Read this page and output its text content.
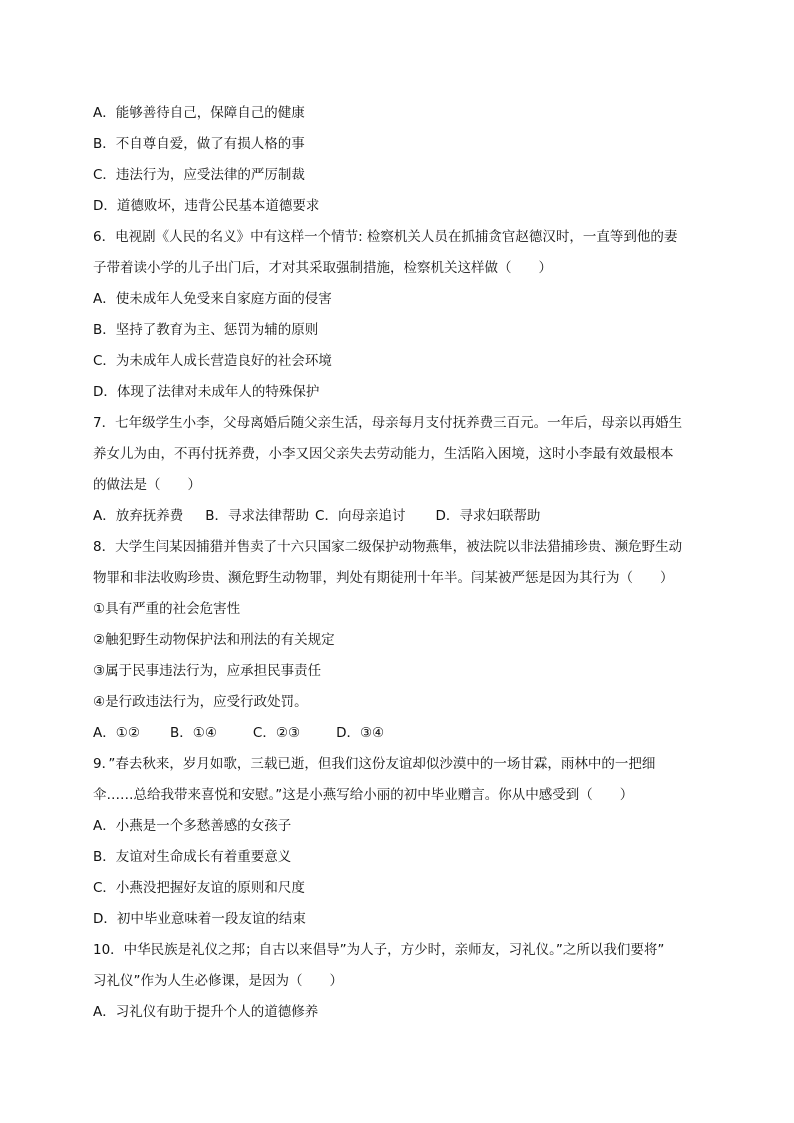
A．能够善待自己，保障自己的健康
B．不自尊自爱，做了有损人格的事
C．违法行为，应受法律的严厉制裁
D．道德败坏，违背公民基本道德要求
6．电视剧《人民的名义》中有这样一个情节: 检察机关人员在抓捕贪官赵德汉时，一直等到他的妻
子带着读小学的儿子出门后，才对其采取强制措施，检察机关这样做（　　）
A．使未成年人免受来自家庭方面的侵害
B．坚持了教育为主、惩罚为辅的原则
C．为未成年人成长营造良好的社会环境
D．体现了法律对未成年人的特殊保护
7．七年级学生小李，父母离婚后随父亲生活，母亲每月支付抚养费三百元。一年后，母亲以再婚生
养女儿为由，不再付抚养费，小李又因父亲失去劳动能力，生活陷入困境，这时小李最有效最根本
的做法是（　　）
A．放弃抚养费 B．寻求法律帮助 C．向母亲追讨 D．寻求妇联帮助
8．大学生闫某因捕猎并售卖了十六只国家二级保护动物燕隼，被法院以非法猎捕珍贵、濒危野生动
物罪和非法收购珍贵、濒危野生动物罪，判处有期徒刑十年半。闫某被严惩是因为其行为（　　）
①具有严重的社会危害性
②触犯野生动物保护法和刑法的有关规定
③属于民事违法行为，应承担民事责任
④是行政违法行为，应受行政处罚。
A．①② B．①④	C．②③	D．③④
9．”春去秋来，岁月如歌，三载已逝，但我们这份友谊却似沙漠中的一场甘霖，雨林中的一把细
伞……总给我带来喜悦和安慰。”这是小燕写给小丽的初中毕业赠言。你从中感受到（　　）
A．小燕是一个多愁善感的女孩子
B．友谊对生命成长有着重要意义
C．小燕没把握好友谊的原则和尺度
D．初中毕业意味着一段友谊的结束
10．中华民族是礼仪之邦；自古以来倡导”为人子，方少时，亲师友，习礼仪。”之所以我们要将”
习礼仪”作为人生必修课，是因为（　　）
A．习礼仪有助于提升个人的道德修养
